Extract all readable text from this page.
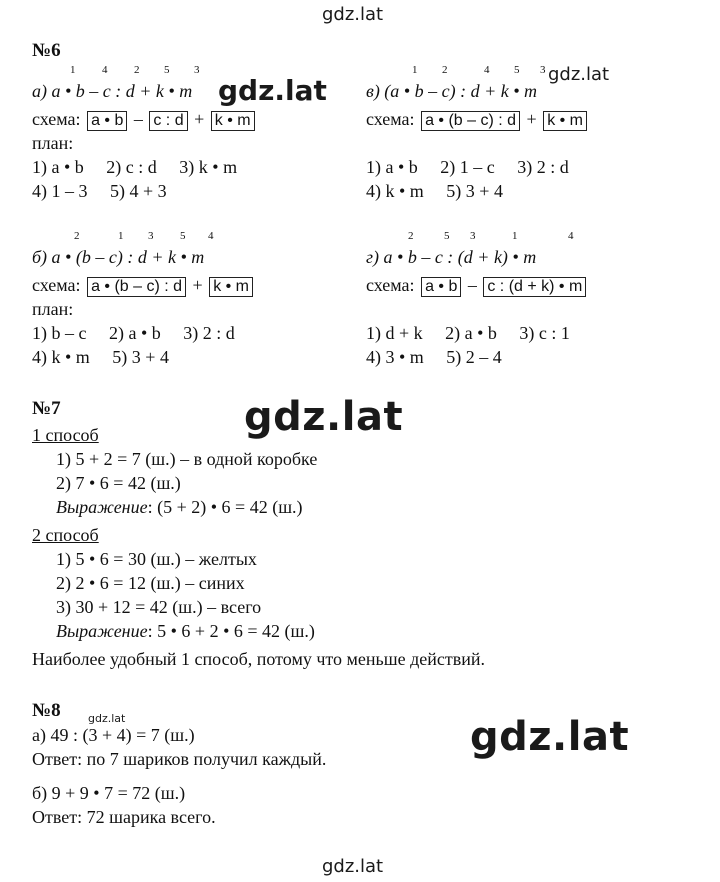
gdz.lat
№6
1 4 2 5 3
а) a • b – c : d + k • m gdz.lat
схема: a • b – c : d + k • m
план:
1) a • b     2) c : d     3) k • m
4) 1 – 3     5) 4 + 3
1 2	4 5 3 gdz.lat
в) (a • b – c) : d + k • m
схема: a • (b – c) : d + k • m
1) a • b     2) 1 – c     3) 2 : d
4) k • m     5) 3 + 4
2	1 3 5 4
б) a • (b – c) : d + k • m
схема: a • (b – c) : d + k • m
план:
1) b – c     2) a • b     3) 2 : d
4) k • m     5) 3 + 4
2	5 3	1	4
г) a • b – c : (d + k) • m
схема: a • b – c : (d + k) • m
1) d + k     2) a • b     3) c : 1
4) 3 • m     5) 2 – 4
№7	gdz.lat
1 способ
1) 5 + 2 = 7 (ш.) – в одной коробке
2) 7 • 6 = 42 (ш.)
Выражение: (5 + 2) • 6 = 42 (ш.)
2 способ
1) 5 • 6 = 30 (ш.) – желтых
2) 2 • 6 = 12 (ш.) – синих
3) 30 + 12 = 42 (ш.) – всего
Выражение: 5 • 6 + 2 • 6 = 42 (ш.)
Наиболее удобный 1 способ, потому что меньше действий.
№8 gdz.lat
а) 49 : (3 + 4) = 7 (ш.)
Ответ: по 7 шариков получил каждый.
б) 9 + 9 • 7 = 72 (ш.)
Ответ: 72 шарика всего.
gdz.lat
gdz.lat
